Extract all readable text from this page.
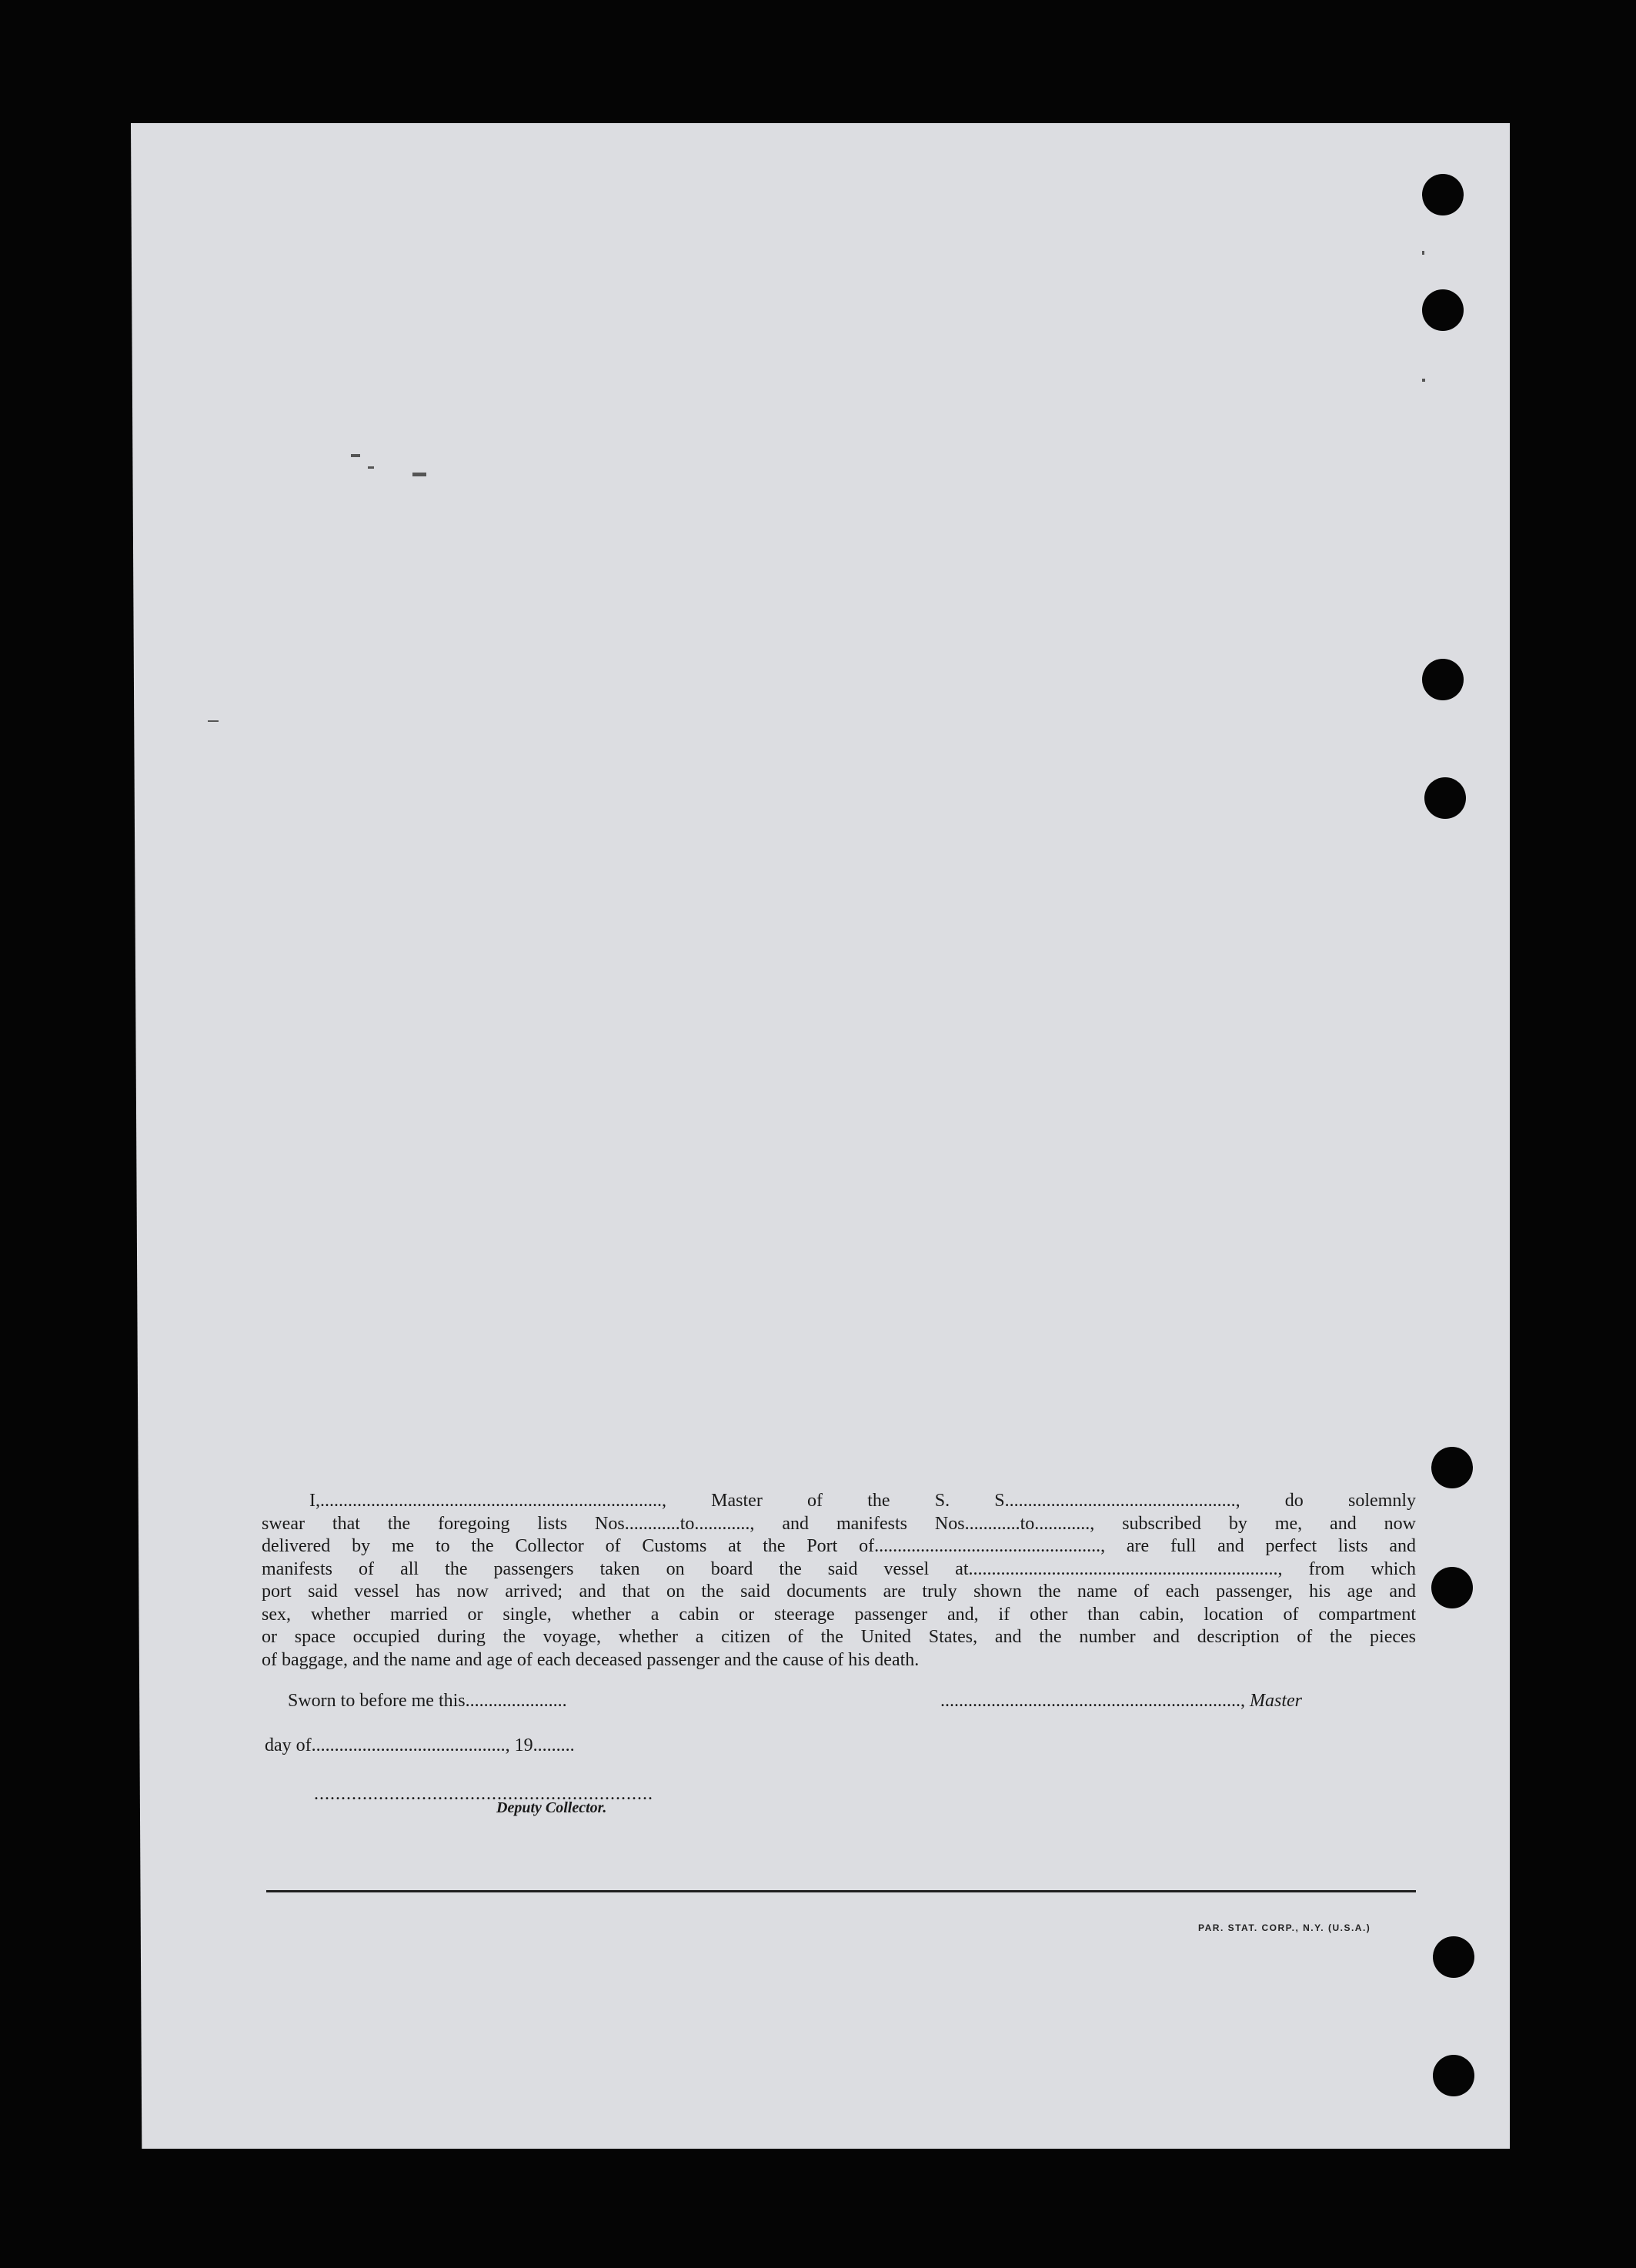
I,.........................................................................., Master of the S. S.................................................., do solemnly

swear that the foregoing lists Nos............to............, and manifests Nos............to............, subscribed by me, and now

delivered by me to the Collector of Customs at the Port of................................................., are full and perfect lists and

manifests of all the passengers taken on board the said vessel at..................................................................., from which

port said vessel has now arrived; and that on the said documents are truly shown the name of each passenger, his age and

sex, whether married or single, whether a cabin or steerage passenger and, if other than cabin, location of compartment

or space occupied during the voyage, whether a citizen of the United States, and the number and description of the pieces

of baggage, and the name and age of each deceased passenger and the cause of his death.

Sworn to before me this......................	................................................................., Master
day of.........................................., 19.........
...............................................................
Deputy Collector.
PAR. STAT. CORP., N.Y. (U.S.A.)
